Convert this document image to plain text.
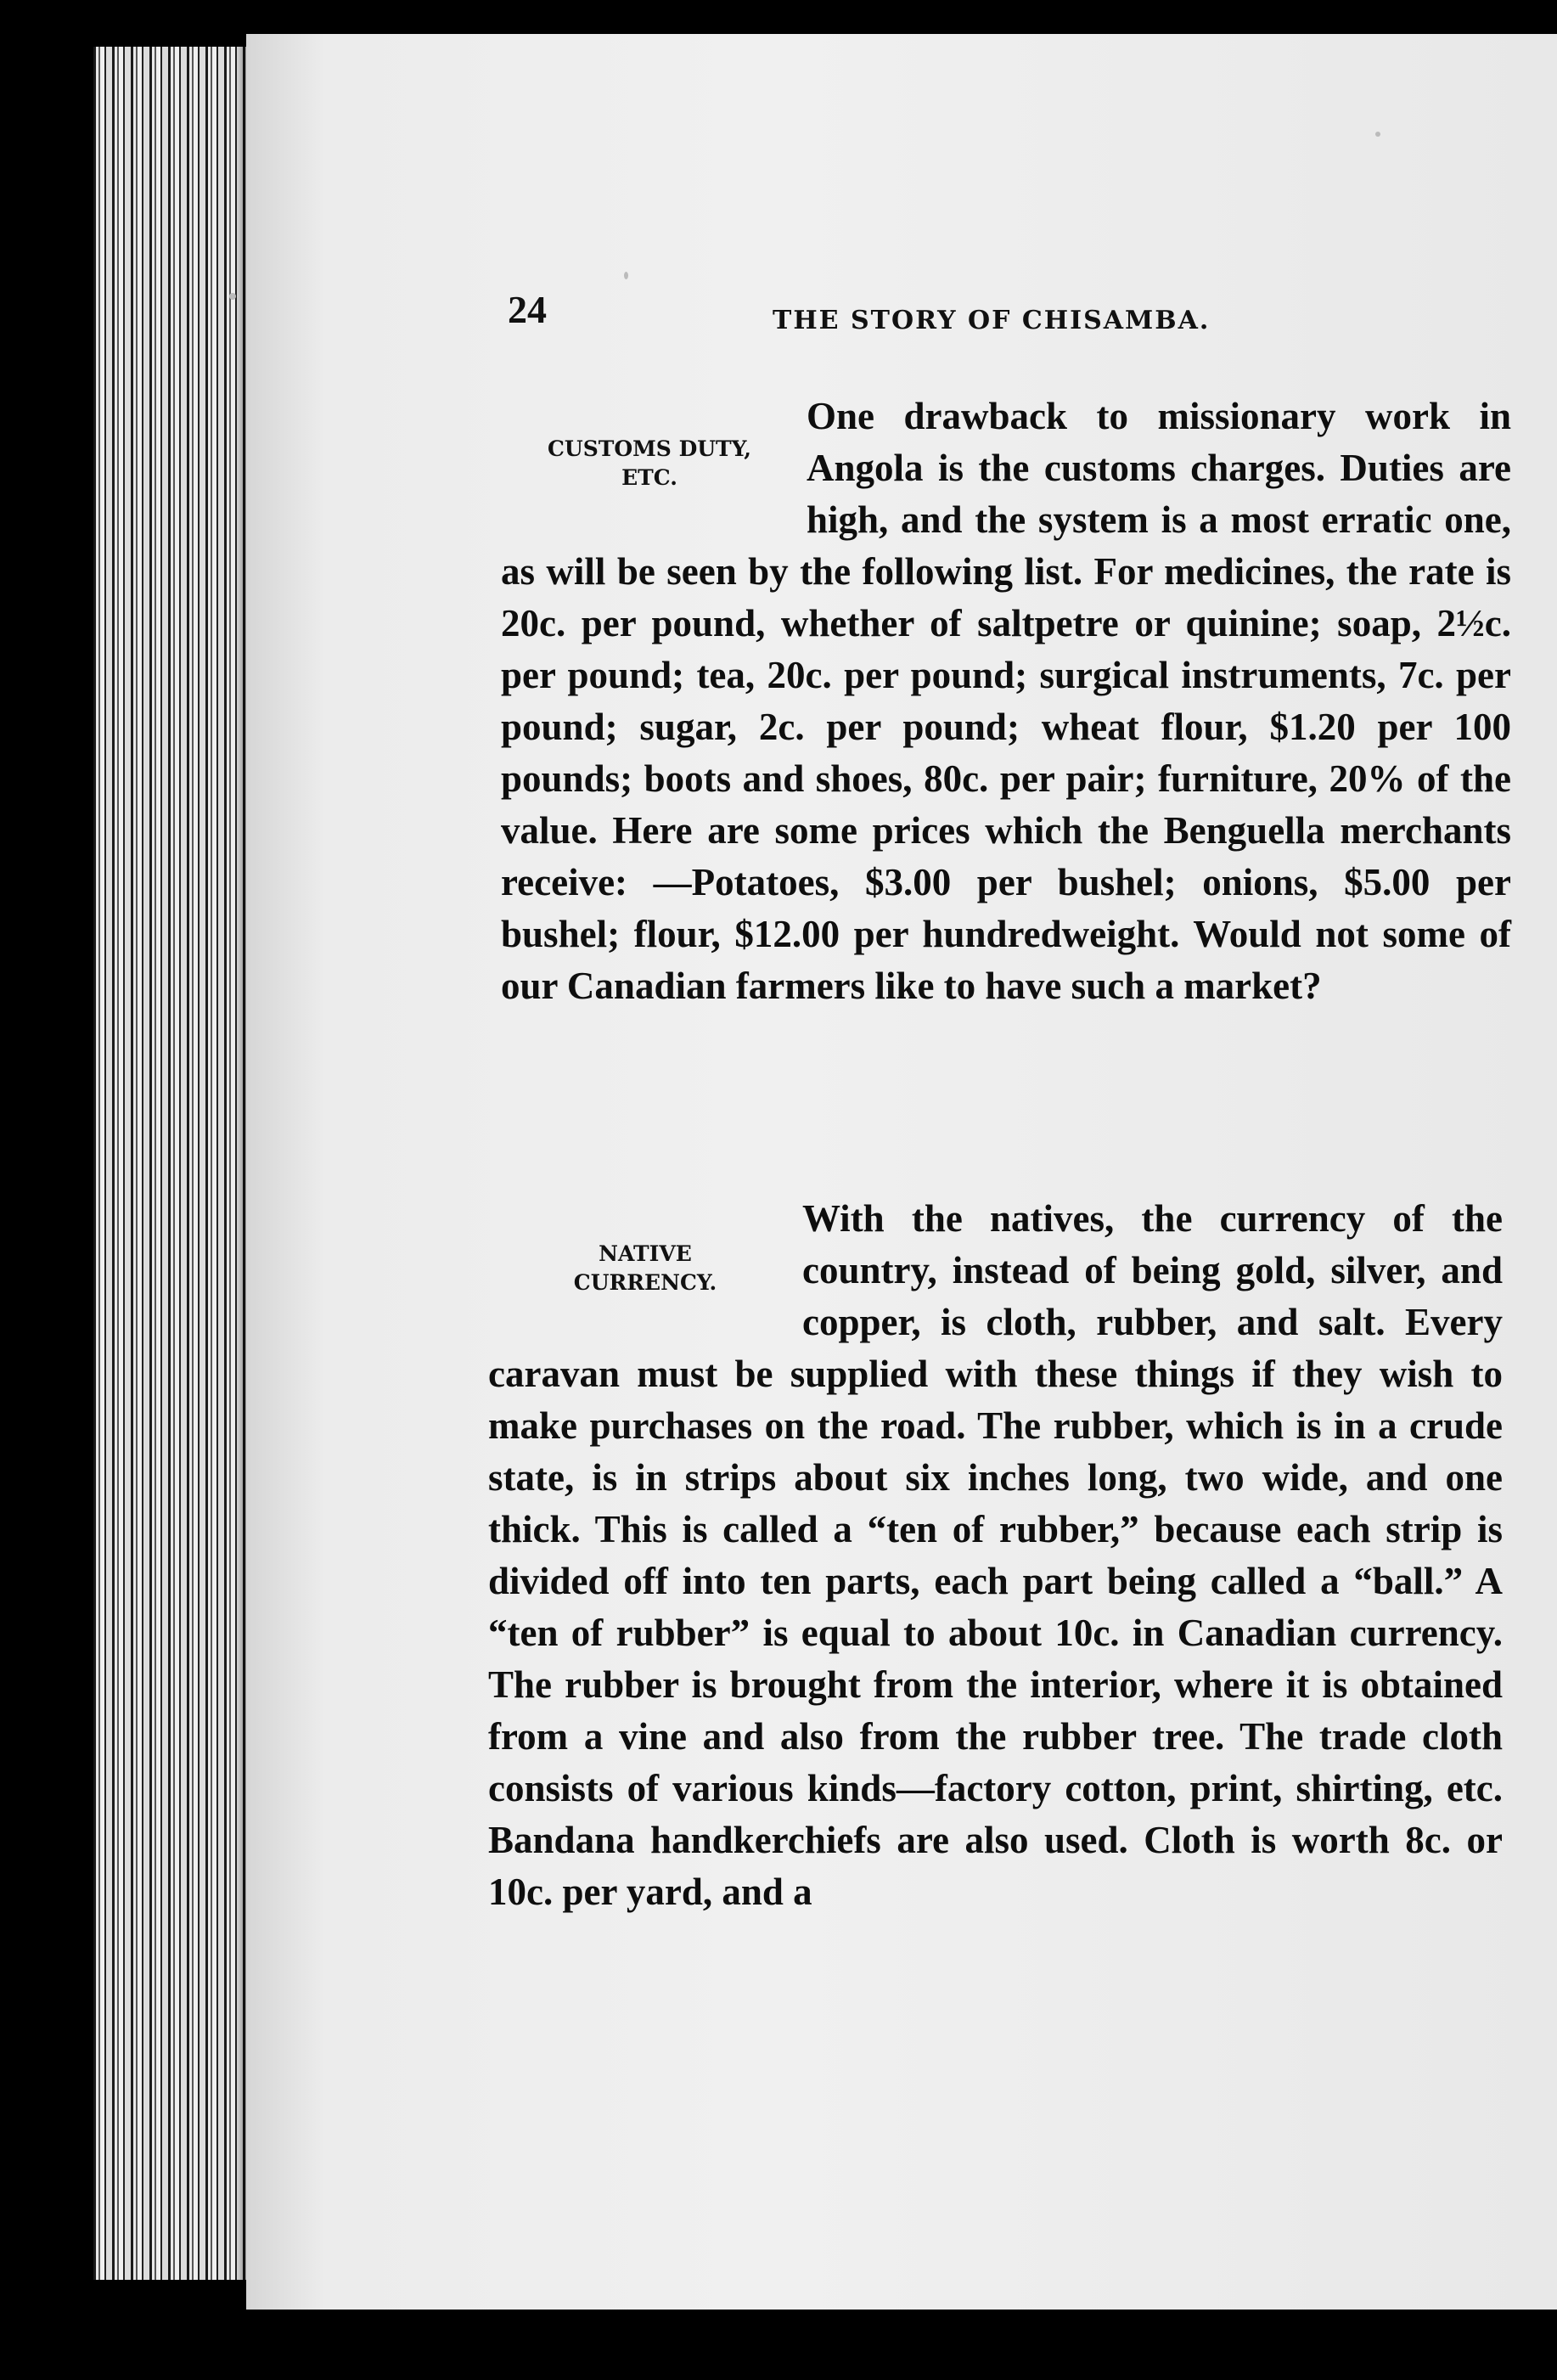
24	THE STORY OF CHISAMBA.

One drawback to missionary work in Angola is the customs charges. Duties are high, and the system is a most erratic one, as will be seen by the following list. For medicines, the rate is 20c. per pound, whether of saltpetre or quinine; soap, 2½c. per pound; tea, 20c. per pound; surgical instruments, 7c. per pound; sugar, 2c. per pound; wheat flour, $1.20 per 100 pounds; boots and shoes, 80c. per pair; furniture, 20% of the value. Here are some prices which the Benguella merchants receive: —Potatoes, $3.00 per bushel; onions, $5.00 per bushel; flour, $12.00 per hundredweight. Would not some of our Canadian farmers like to have such a market?

With the natives, the currency of the country, instead of being gold, silver, and copper, is cloth, rubber, and salt. Every caravan must be supplied with these things if they wish to make purchases on the road. The rubber, which is in a crude state, is in strips about six inches long, two wide, and one thick. This is called a “ten of rubber,” because each strip is divided off into ten parts, each part being called a “ball.” A “ten of rubber” is equal to about 10c. in Canadian currency. The rubber is brought from the interior, where it is obtained from a vine and also from the rubber tree. The trade cloth consists of various kinds—factory cotton, print, shirting, etc. Bandana handkerchiefs are also used. Cloth is worth 8c. or 10c. per yard, and a

CUSTOMS DUTY,
ETC.
NATIVE
CURRENCY.
